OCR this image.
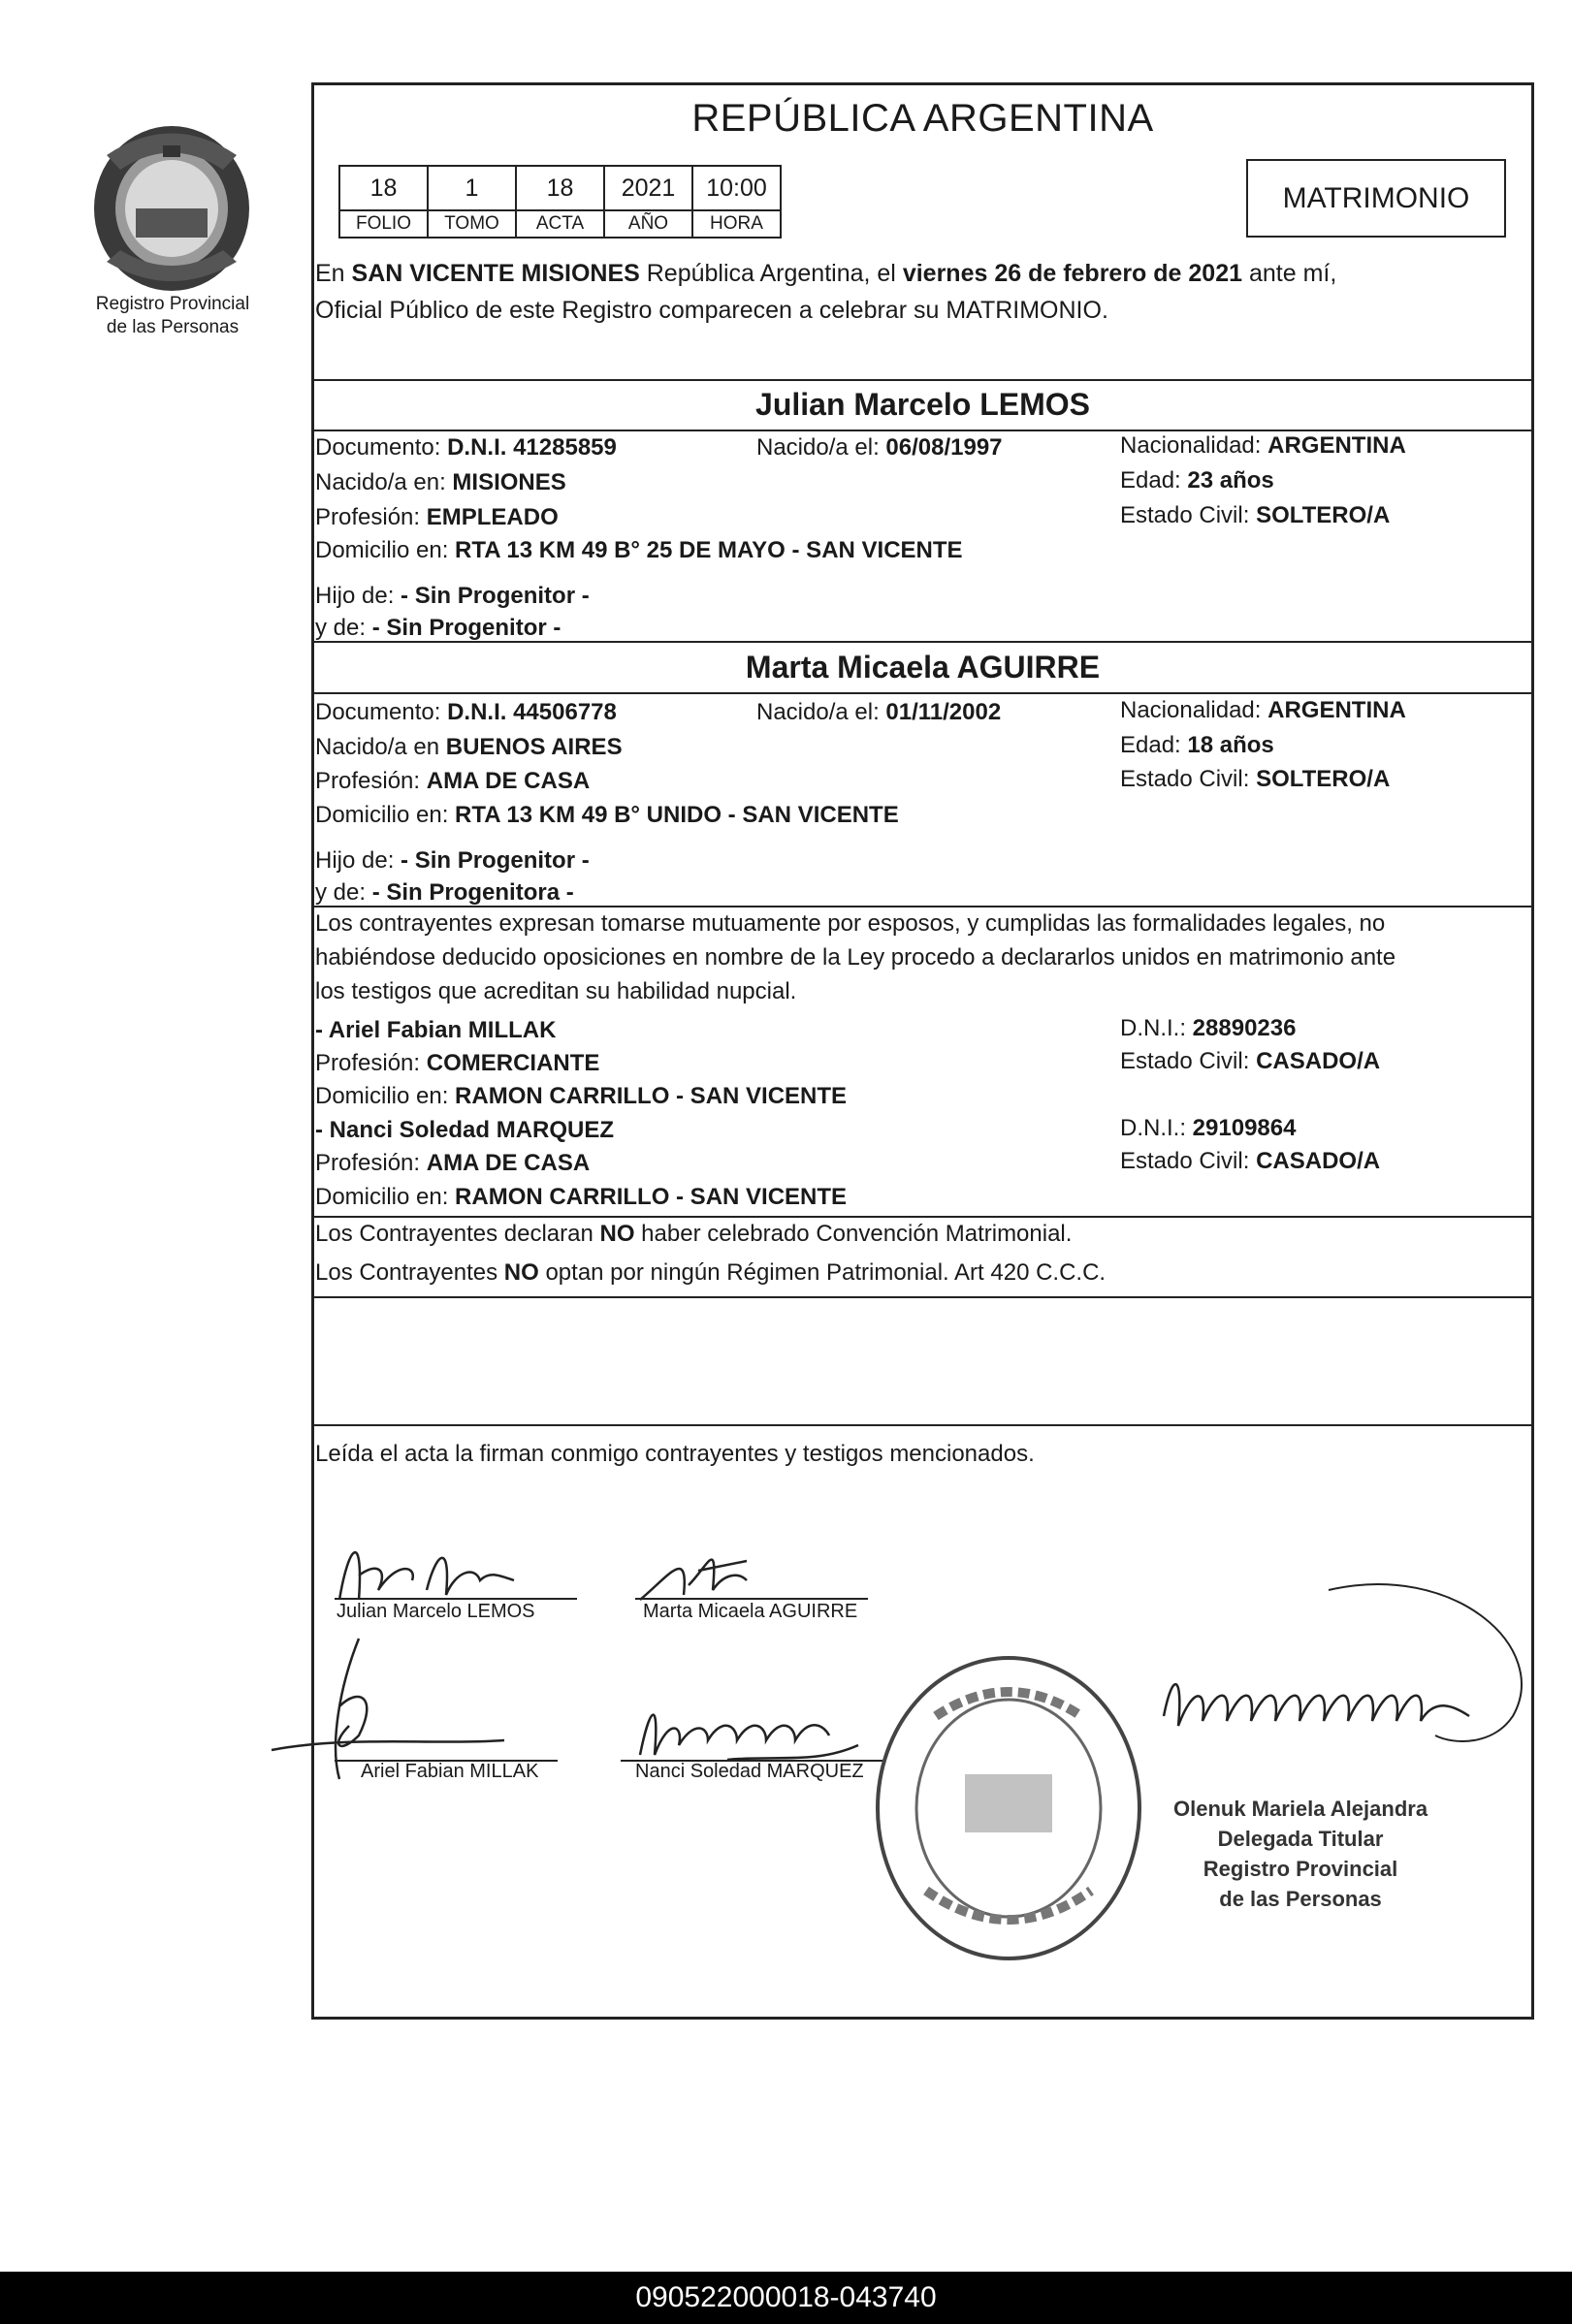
Registro Provincial
de las Personas
REPÚBLICA ARGENTINA
18	1	18	2021	10:00
FOLIO	TOMO	ACTA	AÑO	HORA
MATRIMONIO
En SAN VICENTE MISIONES República Argentina, el viernes 26 de febrero de 2021 ante mí,
Oficial Público de este Registro comparecen a celebrar su MATRIMONIO.
Julian Marcelo LEMOS
Documento: D.N.I. 41285859	Nacido/a el: 06/08/1997	Nacionalidad: ARGENTINA
Nacido/a en: MISIONES	Edad: 23 años
Profesión: EMPLEADO	Estado Civil: SOLTERO/A
Domicilio en: RTA 13 KM 49 B° 25 DE MAYO - SAN VICENTE
Hijo de: - Sin Progenitor -
y de: - Sin Progenitor -
Marta Micaela AGUIRRE
Documento: D.N.I. 44506778	Nacido/a el: 01/11/2002	Nacionalidad: ARGENTINA
Nacido/a en BUENOS AIRES	Edad: 18 años
Profesión: AMA DE CASA	Estado Civil: SOLTERO/A
Domicilio en: RTA 13 KM 49 B° UNIDO - SAN VICENTE
Hijo de: - Sin Progenitor -
y de: - Sin Progenitora -
Los contrayentes expresan tomarse mutuamente por esposos, y cumplidas las formalidades legales, no
habiéndose deducido oposiciones en nombre de la Ley procedo a declararlos unidos en matrimonio ante
los testigos que acreditan su habilidad nupcial.
- Ariel Fabian MILLAK	D.N.I.: 28890236
Profesión: COMERCIANTE	Estado Civil: CASADO/A
Domicilio en: RAMON CARRILLO - SAN VICENTE
- Nanci Soledad MARQUEZ	D.N.I.: 29109864
Profesión: AMA DE CASA	Estado Civil: CASADO/A
Domicilio en: RAMON CARRILLO - SAN VICENTE
Los Contrayentes declaran NO haber celebrado Convención Matrimonial.
Los Contrayentes NO optan por ningún Régimen Patrimonial. Art 420 C.C.C.
Leída el acta la firman conmigo contrayentes y testigos mencionados.
Julian Marcelo LEMOS	Marta Micaela AGUIRRE
Ariel Fabian MILLAK	Nanci Soledad MARQUEZ
Olenuk Mariela Alejandra
Delegada Titular
Registro Provincial
de las Personas
090522000018-043740
